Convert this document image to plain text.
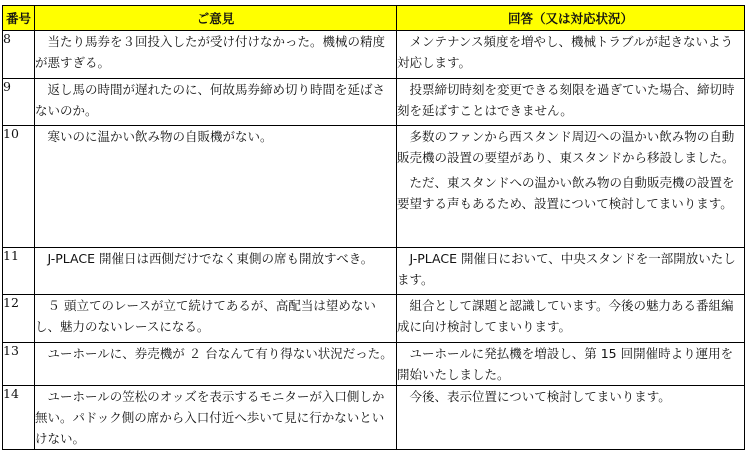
番号	ご意見	回答（又は対応状況）
8	当たり馬券を３回投入したが受け付けなかった。機械の精度が悪すぎる。	メンテナンス頻度を増やし、機械トラブルが起きないよう対応します。

9	返し馬の時間が遅れたのに、何故馬券締め切り時間を延ばさないのか。	投票締切時刻を変更できる刻限を過ぎていた場合、締切時刻を延ばすことはできません。

10	寒いのに温かい飲み物の自販機がない。	多数のファンから西スタンド周辺への温かい飲み物の自動販売機の設置の要望があり、東スタンドから移設しました。

ただ、東スタンドへの温かい飲み物の自動販売機の設置を要望する声もあるため、設置について検討してまいります。

11	J-PLACE 開催日は西側だけでなく東側の席も開放すべき。	J-PLACE 開催日において、中央スタンドを一部開放いたします。

12	５ 頭立てのレースが立て続けてあるが、高配当は望めないし、魅力のないレースになる。	組合として課題と認識しています。今後の魅力ある番組編成に向け検討してまいります。

13	ユーホールに、券売機が ２ 台なんて有り得ない状況だった。	ユーホールに発払機を増設し、第 15 回開催時より運用を開始いたしました。

14	ユーホールの笠松のオッズを表示するモニターが入口側しか無い。パドック側の席から入口付近へ歩いて見に行かないといけない。	今後、表示位置について検討してまいります。
